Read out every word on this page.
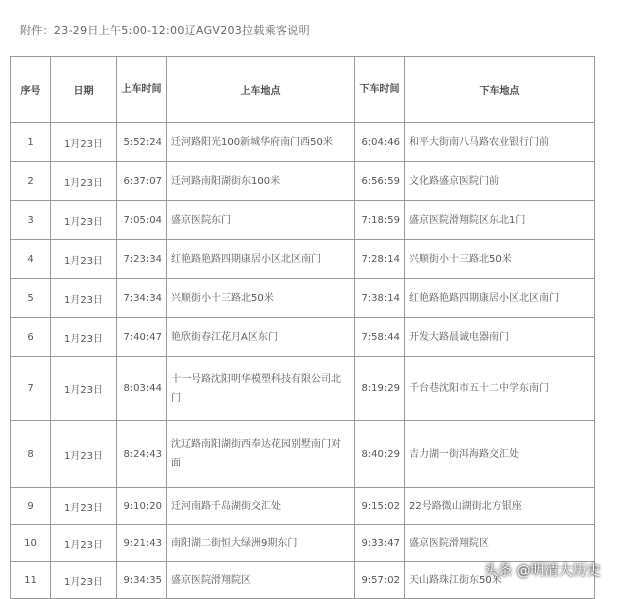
附件：23-29日上午5:00-12:00辽AGV203拉载乘客说明
序号	日期	上车时间	上车地点	下车时间	下车地点
1	1月23日	5:52:24	迁河路阳光100新城华府南门西50米	6:04:46	和平大街南八马路农业银行门前
2	1月23日	6:37:07	迁河路南阳湖街东100米	6:56:59	文化路盛京医院门前
3	1月23日	7:05:04	盛京医院东门	7:18:59	盛京医院滑翔院区东北1门
4	1月23日	7:23:34	红艳路艳路四期康居小区北区南门	7:28:14	兴顺街小十三路北50米
5	1月23日	7:34:34	兴顺街小十三路北50米	7:38:14	红艳路艳路四期康居小区北区南门
6	1月23日	7:40:47	艳欣街春江花月A区东门	7:58:44	开发大路晨诚电器南门
7	1月23日	8:03:44	十一号路沈阳明华模塑科技有限公司北门	8:19:29	千台巷沈阳市五十二中学东南门
8	1月23日	8:24:43	沈辽路南阳湖街西奉达花园别墅南门对面	8:40:29	吉力湖一街洱海路交汇处
9	1月23日	9:10:20	迁河南路千岛湖街交汇处	9:15:02	22号路微山湖街北方银座
10	1月23日	9:21:43	南阳湖二街恒大绿洲9期东门	9:33:47	盛京医院滑翔院区
11	1月23日	9:34:35	盛京医院滑翔院区	9:57:02	天山路珠江街东50米
头条 @明清大历史
